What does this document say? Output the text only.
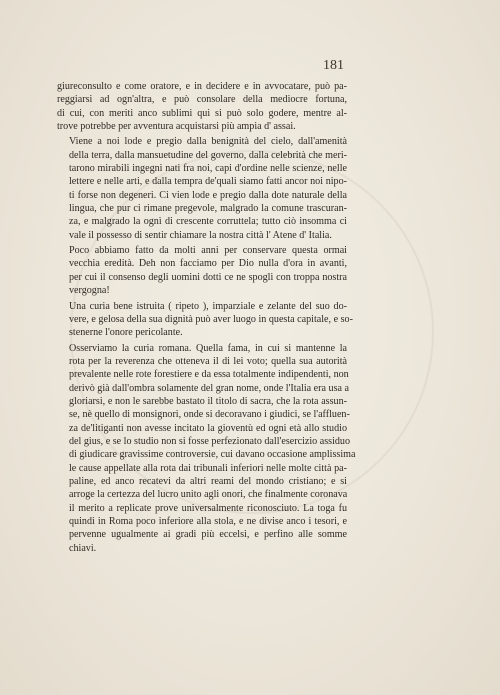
181
giureconsulto e come oratore, e in decidere e in avvocatare, può pa-
reggiarsi ad ogn'altra, e può consolare della mediocre fortuna,
di cui, con meriti anco sublimi qui si può solo godere, mentre al-
trove potrebbe per avventura acquistarsi più ampia d' assai.
Viene a noi lode e pregio dalla benignità del cielo, dall'amenità
della terra, dalla mansuetudine del governo, dalla celebrità che meri-
tarono mirabili ingegni nati fra noi, capi d'ordine nelle scienze, nelle
lettere e nelle arti, e dalla tempra de'quali siamo fatti ancor noi nipo-
ti forse non degeneri. Ci vien lode e pregio dalla dote naturale della
lingua, che pur ci rimane pregevole, malgrado la comune trascuran-
za, e malgrado la ognì di crescente corruttela; tutto ciò insomma ci
vale il possesso di sentir chiamare la nostra città l' Atene d' Italia.
Poco abbiamo fatto da molti anni per conservare questa ormai
vecchia eredità. Deh non facciamo per Dio nulla d'ora in avanti,
per cui il consenso degli uomini dotti ce ne spogli con troppa nostra
vergogna!
Una curia bene istruita ( ripeto ), imparziale e zelante del suo do-
vere, e gelosa della sua dignità può aver luogo in questa capitale, e so-
stenerne l'onore pericolante.
Osserviamo la curia romana. Quella fama, in cui si mantenne la
rota per la reverenza che otteneva il di lei voto; quella sua autorità
prevalente nelle rote forestiere e da essa totalmente indipendenti, non
derivò già dall'ombra solamente del gran nome, onde l'Italia era usa a
gloriarsi, e non le sarebbe bastato il titolo di sacra, che la rota assun-
se, nè quello di monsignori, onde si decoravano i giudici, se l'affluen-
za de'litiganti non avesse incitato la gioventù ed ogni età allo studio
del gius, e se lo studio non si fosse perfezionato dall'esercizio assiduo
di giudicare gravissime controversie, cui davano occasione amplissima
le cause appellate alla rota dai tribunali inferiori nelle molte città pa-
paline, ed anco recatevi da altri reami del mondo cristiano; e si
arroge la certezza del lucro unito agli onori, che finalmente coronava
il merito a replicate prove universalmente riconosciuto. La toga fu
quindi in Roma poco inferiore alla stola, e ne divise anco i tesori, e
pervenne ugualmente ai gradi più eccelsi, e perfino alle somme
chiavi.
